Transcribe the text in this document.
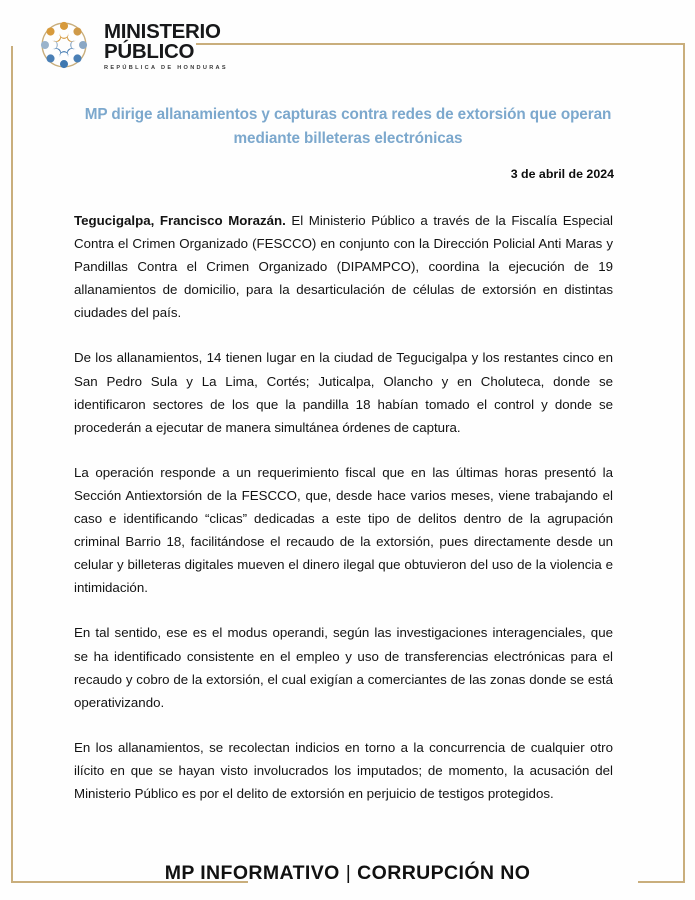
MINISTERIO
PÚBLICO
REPÚBLICA DE HONDURAS
MP dirige allanamientos y capturas contra redes de extorsión que operan mediante billeteras electrónicas
3 de abril de 2024

Tegucigalpa, Francisco Morazán. El Ministerio Público a través de la Fiscalía Especial Contra el Crimen Organizado (FESCCO) en conjunto con la Dirección Policial Anti Maras y Pandillas Contra el Crimen Organizado (DIPAMPCO), coordina la ejecución de 19 allanamientos de domicilio, para la desarticulación de células de extorsión en distintas ciudades del país.

De los allanamientos, 14 tienen lugar en la ciudad de Tegucigalpa y los restantes cinco en San Pedro Sula y La Lima, Cortés; Juticalpa, Olancho y en Choluteca, donde se identificaron sectores de los que la pandilla 18 habían tomado el control y donde se procederán a ejecutar de manera simultánea órdenes de captura.

La operación responde a un requerimiento fiscal que en las últimas horas presentó la Sección Antiextorsión de la FESCCO, que, desde hace varios meses, viene trabajando el caso e identificando “clicas” dedicadas a este tipo de delitos dentro de la agrupación criminal Barrio 18, facilitándose el recaudo de la extorsión, pues directamente desde un celular y billeteras digitales mueven el dinero ilegal que obtuvieron del uso de la violencia e intimidación.

En tal sentido, ese es el modus operandi, según las investigaciones interagenciales, que se ha identificado consistente en el empleo y uso de transferencias electrónicas para el recaudo y cobro de la extorsión, el cual exigían a comerciantes de las zonas donde se está operativizando.

En los allanamientos, se recolectan indicios en torno a la concurrencia de cualquier otro ilícito en que se hayan visto involucrados los imputados; de momento, la acusación del Ministerio Público es por el delito de extorsión en perjuicio de testigos protegidos.

MP INFORMATIVO | CORRUPCIÓN NO
